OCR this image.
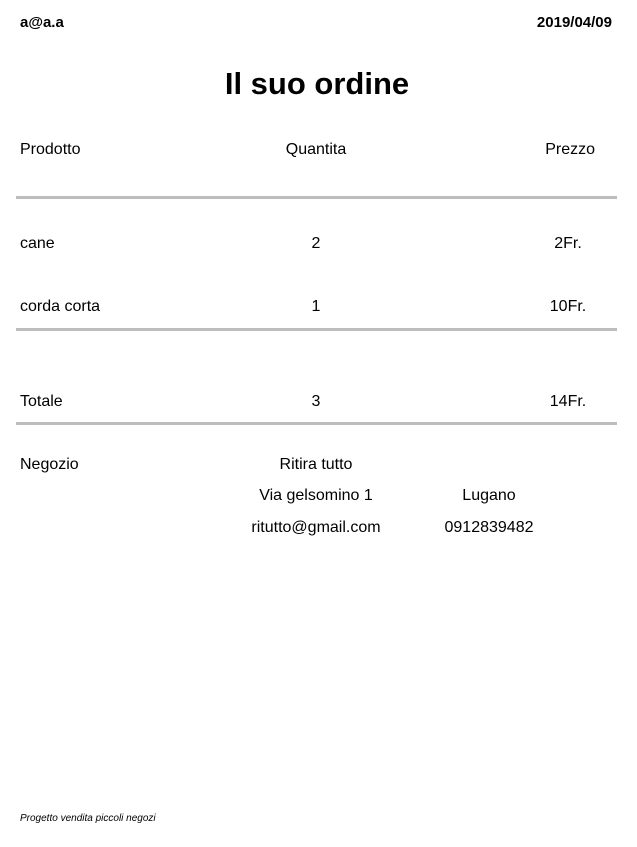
a@a.a	2019/04/09
Il suo ordine
Prodotto	Quantita	Prezzo
cane	2	2Fr.
corda corta	1	10Fr.
Totale	3	14Fr.
Negozio	Ritira tutto
Via gelsomino 1	Lugano
ritutto@gmail.com	0912839482
Progetto vendita piccoli negozi
